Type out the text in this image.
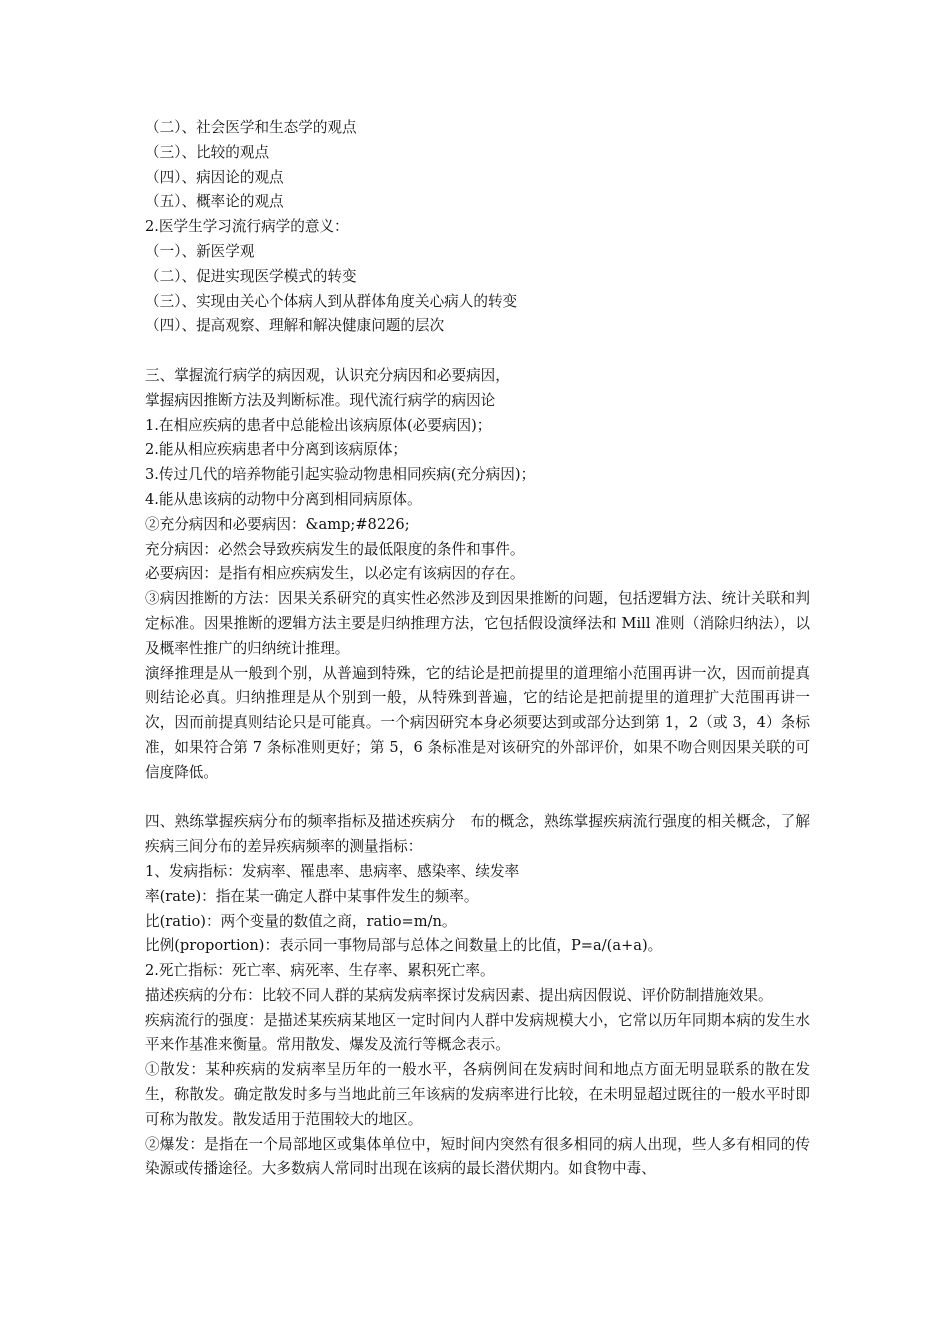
（二）、社会医学和生态学的观点
（三）、比较的观点
（四）、病因论的观点
（五）、概率论的观点
2.医学生学习流行病学的意义：
（一）、新医学观
（二）、促进实现医学模式的转变
（三）、实现由关心个体病人到从群体角度关心病人的转变
（四）、提高观察、理解和解决健康问题的层次
三、掌握流行病学的病因观，认识充分病因和必要病因，
掌握病因推断方法及判断标准。现代流行病学的病因论
1.在相应疾病的患者中总能检出该病原体(必要病因)；
2.能从相应疾病患者中分离到该病原体；
3.传过几代的培养物能引起实验动物患相同疾病(充分病因)；
4.能从患该病的动物中分离到相同病原体。
②充分病因和必要病因：&amp;#8226;
充分病因：必然会导致疾病发生的最低限度的条件和事件。
必要病因：是指有相应疾病发生，以必定有该病因的存在。
③病因推断的方法：因果关系研究的真实性必然涉及到因果推断的问题，包括逻辑方法、统计关联和判定标准。因果推断的逻辑方法主要是归纳推理方法，它包括假设演绎法和 Mill 准则（消除归纳法），以及概率性推广的归纳统计推理。
演绎推理是从一般到个别，从普遍到特殊，它的结论是把前提里的道理缩小范围再讲一次，因而前提真则结论必真。归纳推理是从个别到一般，从特殊到普遍，它的结论是把前提里的道理扩大范围再讲一次，因而前提真则结论只是可能真。一个病因研究本身必须要达到或部分达到第 1，2（或 3，4）条标准，如果符合第 7 条标准则更好；第 5，6 条标准是对该研究的外部评价，如果不吻合则因果关联的可信度降低。
四、熟练掌握疾病分布的频率指标及描述疾病分　布的概念，熟练掌握疾病流行强度的相关概念，了解疾病三间分布的差异疾病频率的测量指标：
1、发病指标：发病率、罹患率、患病率、感染率、续发率
率(rate)：指在某一确定人群中某事件发生的频率。
比(ratio)：两个变量的数值之商，ratio=m/n。
比例(proportion)：表示同一事物局部与总体之间数量上的比值，P=a/(a+a)。
2.死亡指标：死亡率、病死率、生存率、累积死亡率。
描述疾病的分布：比较不同人群的某病发病率探讨发病因素、提出病因假说、评价防制措施效果。
疾病流行的强度：是描述某疾病某地区一定时间内人群中发病规模大小，它常以历年同期本病的发生水平来作基准来衡量。常用散发、爆发及流行等概念表示。
①散发：某种疾病的发病率呈历年的一般水平，各病例间在发病时间和地点方面无明显联系的散在发生，称散发。确定散发时多与当地此前三年该病的发病率进行比较，在未明显超过既往的一般水平时即可称为散发。散发适用于范围较大的地区。
②爆发：是指在一个局部地区或集体单位中，短时间内突然有很多相同的病人出现，些人多有相同的传染源或传播途径。大多数病人常同时出现在该病的最长潜伏期内。如食物中毒、
